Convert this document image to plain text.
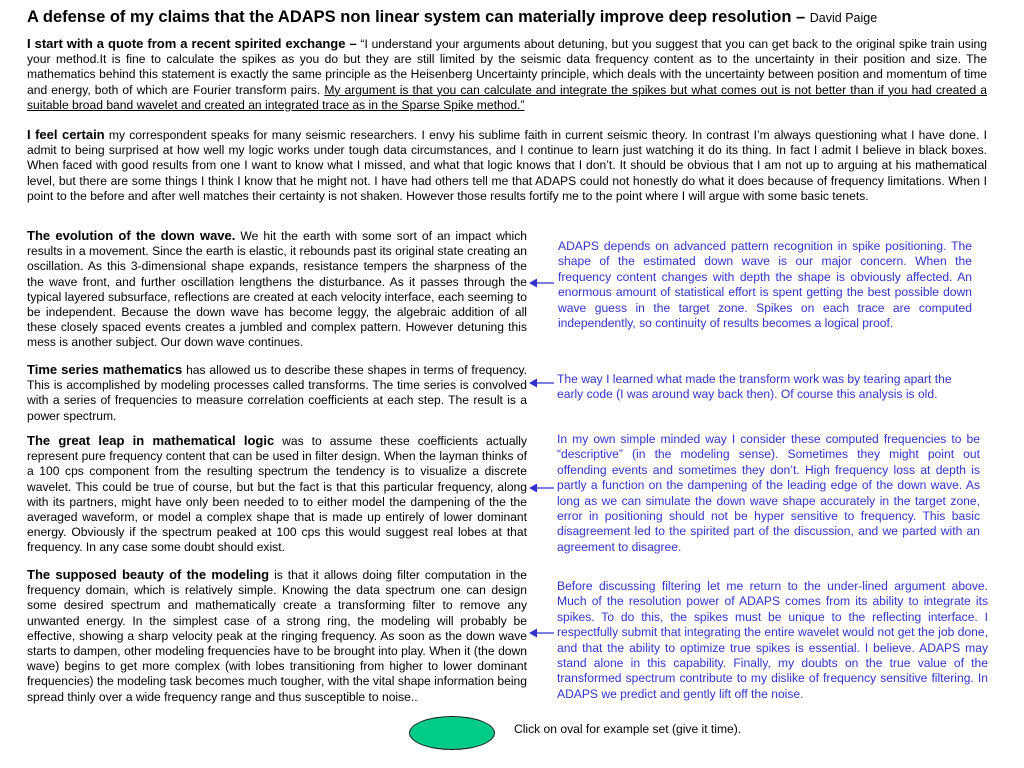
A defense of my claims that the ADAPS non linear system can materially improve deep resolution – David Paige
I start with a quote from a recent spirited exchange – “I understand your arguments about detuning, but you suggest that you can get back to the original spike train using your method.It is fine to calculate the spikes as you do but they are still limited by the seismic data frequency content as to the uncertainty in their position and size. The mathematics behind this statement is exactly the same principle as the Heisenberg Uncertainty principle, which deals with the uncertainty between position and momentum of time and energy, both of which are Fourier transform pairs. My argument is that you can calculate and integrate the spikes but what comes out is not better than if you had created a suitable broad band wavelet and created an integrated trace as in the Sparse Spike method.”
I feel certain my correspondent speaks for many seismic researchers. I envy his sublime faith in current seismic theory. In contrast I’m always questioning what I have done. I admit to being surprised at how well my logic works under tough data circumstances, and I continue to learn just watching it do its thing. In fact I admit I believe in black boxes. When faced with good results from one I want to know what I missed, and what that logic knows that I don’t. It should be obvious that I am not up to arguing at his mathematical level, but there are some things I think I know that he might not. I have had others tell me that ADAPS could not honestly do what it does because of frequency limitations. When I point to the before and after well matches their certainty is not shaken. However those results fortify me to the point where I will argue with some basic tenets.
The evolution of the down wave. We hit the earth with some sort of an impact which results in a movement. Since the earth is elastic, it rebounds past its original state creating an oscillation. As this 3-dimensional shape expands, resistance tempers the sharpness of the the wave front, and further oscillation lengthens the disturbance. As it passes through the typical layered subsurface, reflections are created at each velocity interface, each seeming to be independent. Because the down wave has become leggy, the algebraic addition of all these closely spaced events creates a jumbled and complex pattern. However detuning this mess is another subject. Our down wave continues.
Time series mathematics has allowed us to describe these shapes in terms of frequency. This is accomplished by modeling processes called transforms. The time series is convolved with a series of frequencies to measure correlation coefficients at each step. The result is a power spectrum.
The great leap in mathematical logic was to assume these coefficients actually represent pure frequency content that can be used in filter design. When the layman thinks of a 100 cps component from the resulting spectrum the tendency is to visualize a discrete wavelet. This could be true of course, but but the fact is that this particular frequency, along with its partners, might have only been needed to to either model the dampening of the the averaged waveform, or model a complex shape that is made up entirely of lower dominant energy. Obviously if the spectrum peaked at 100 cps this would suggest real lobes at that frequency. In any case some doubt should exist.
The supposed beauty of the modeling is that it allows doing filter computation in the frequency domain, which is relatively simple. Knowing the data spectrum one can design some desired spectrum and mathematically create a transforming filter to remove any unwanted energy. In the simplest case of a strong ring, the modeling will probably be effective, showing a sharp velocity peak at the ringing frequency. As soon as the down wave starts to dampen, other modeling frequencies have to be brought into play. When it (the down wave) begins to get more complex (with lobes transitioning from higher to lower dominant frequencies) the modeling task becomes much tougher, with the vital shape information being spread thinly over a wide frequency range and thus susceptible to noise..
ADAPS depends on advanced pattern recognition in spike positioning. The shape of the estimated down wave is our major concern. When the frequency content changes with depth the shape is obviously affected. An enormous amount of statistical effort is spent getting the best possible down wave guess in the target zone. Spikes on each trace are computed independently, so continuity of results becomes a logical proof.
The way I learned what made the transform work was by tearing apart the early code (I was around way back then). Of course this analysis is old.
In my own simple minded way I consider these computed frequencies to be “descriptive” (in the modeling sense). Sometimes they might point out offending events and sometimes they don’t. High frequency loss at depth is partly a function on the dampening of the leading edge of the down wave. As long as we can simulate the down wave shape accurately in the target zone, error in positioning should not be hyper sensitive to frequency. This basic disagreement led to the spirited part of the discussion, and we parted with an agreement to disagree.
Before discussing filtering let me return to the under-lined argument above. Much of the resolution power of ADAPS comes from its ability to integrate its spikes. To do this, the spikes must be unique to the reflecting interface. I respectfully submit that integrating the entire wavelet would not get the job done, and that the ability to optimize true spikes is essential. I believe. ADAPS may stand alone in this capability. Finally, my doubts on the true value of the transformed spectrum contribute to my dislike of frequency sensitive filtering. In ADAPS we predict and gently lift off the noise.
Click on oval for example set (give it time).
